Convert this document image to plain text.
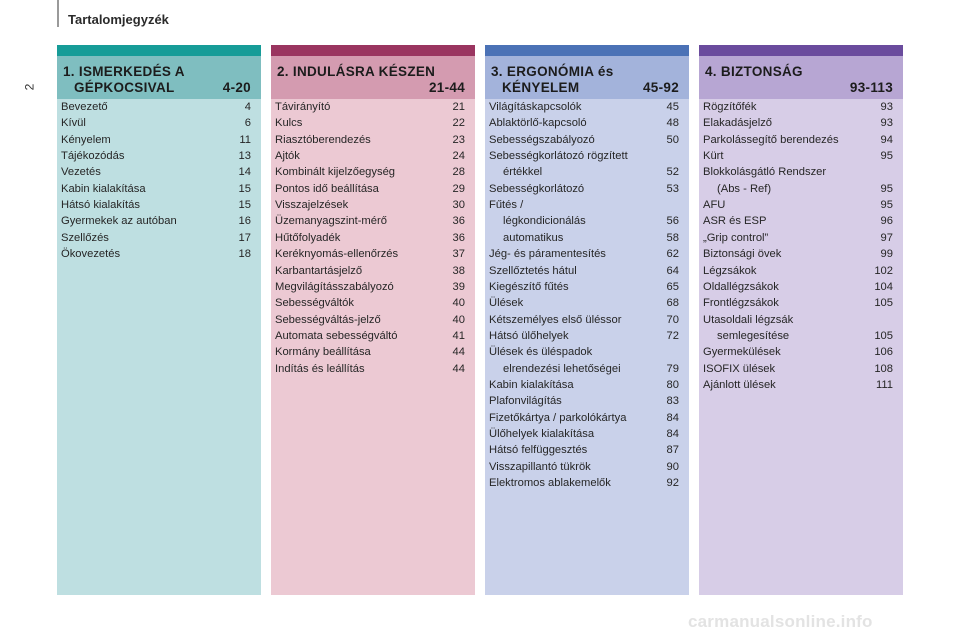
Tartalomjegyzék
2
1. ISMERKEDÉS A
GÉPKOCSIVAL	4-20
Bevezető	4
Kívül	6
Kényelem	11
Tájékozódás	13
Vezetés	14
Kabin kialakítása	15
Hátsó kialakítás	15
Gyermekek az autóban	16
Szellőzés	17
Ökovezetés	18
2. INDULÁSRA KÉSZEN
21-44
Távirányító	21
Kulcs	22
Riasztóberendezés	23
Ajtók	24
Kombinált kijelzőegység	28
Pontos idő beállítása	29
Visszajelzések	30
Üzemanyagszint-mérő	36
Hűtőfolyadék	36
Keréknyomás-ellenőrzés	37
Karbantartásjelző	38
Megvilágításszabályozó	39
Sebességváltók	40
Sebességváltás-jelző	40
Automata sebességváltó	41
Kormány beállítása	44
Indítás és leállítás	44
3. ERGONÓMIA és
KÉNYELEM	45-92
Világításkapcsolók	45
Ablaktörlő-kapcsoló	48
Sebességszabályozó	50
Sebességkorlátozó rögzített
értékkel	52
Sebességkorlátozó	53
Fűtés /
légkondicionálás	56
automatikus	58
Jég- és páramentesítés	62
Szellőztetés hátul	64
Kiegészítő fűtés	65
Ülések	68
Kétszemélyes első üléssor	70
Hátsó ülőhelyek	72
Ülések és üléspadok
elrendezési lehetőségei	79
Kabin kialakítása	80
Plafonvilágítás	83
Fizetőkártya / parkolókártya	84
Ülőhelyek kialakítása	84
Hátsó felfüggesztés	87
Visszapillantó tükrök	90
Elektromos ablakemelők	92
4. BIZTONSÁG
93-113
Rögzítőfék	93
Elakadásjelző	93
Parkolássegítő berendezés	94
Kürt	95
Blokkolásgátló Rendszer
(Abs - Ref)	95
AFU	95
ASR és ESP	96
„Grip control”	97
Biztonsági övek	99
Légzsákok	102
Oldallégzsákok	104
Frontlégzsákok	105
Utasoldali légzsák
semlegesítése	105
Gyermekülések	106
ISOFIX ülések	108
Ajánlott ülések	111
carmanualsonline.info
